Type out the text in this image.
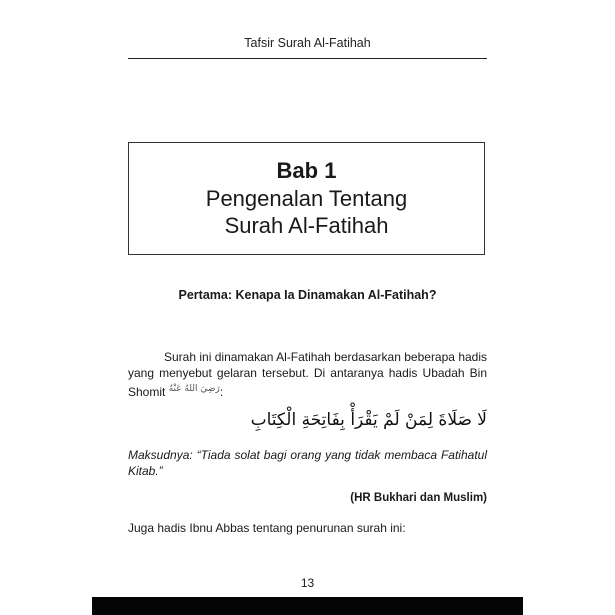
Tafsir Surah Al-Fatihah
Bab 1
Pengenalan Tentang
Surah Al-Fatihah
Pertama: Kenapa Ia Dinamakan Al-Fatihah?
Surah ini dinamakan Al-Fatihah berdasarkan beberapa hadis yang menyebut gelaran tersebut. Di antaranya hadis Ubadah Bin Shomit $^{رَضِيَ اللهُ عَنْهُ}$:
لَا صَلَاةَ لِمَنْ لَمْ يَقْرَأْ بِفَاتِحَةِ الْكِتَابِ
Maksudnya: “Tiada solat bagi orang yang tidak membaca Fatihatul Kitab.”
(HR Bukhari dan Muslim)
Juga hadis Ibnu Abbas tentang penurunan surah ini:
13
